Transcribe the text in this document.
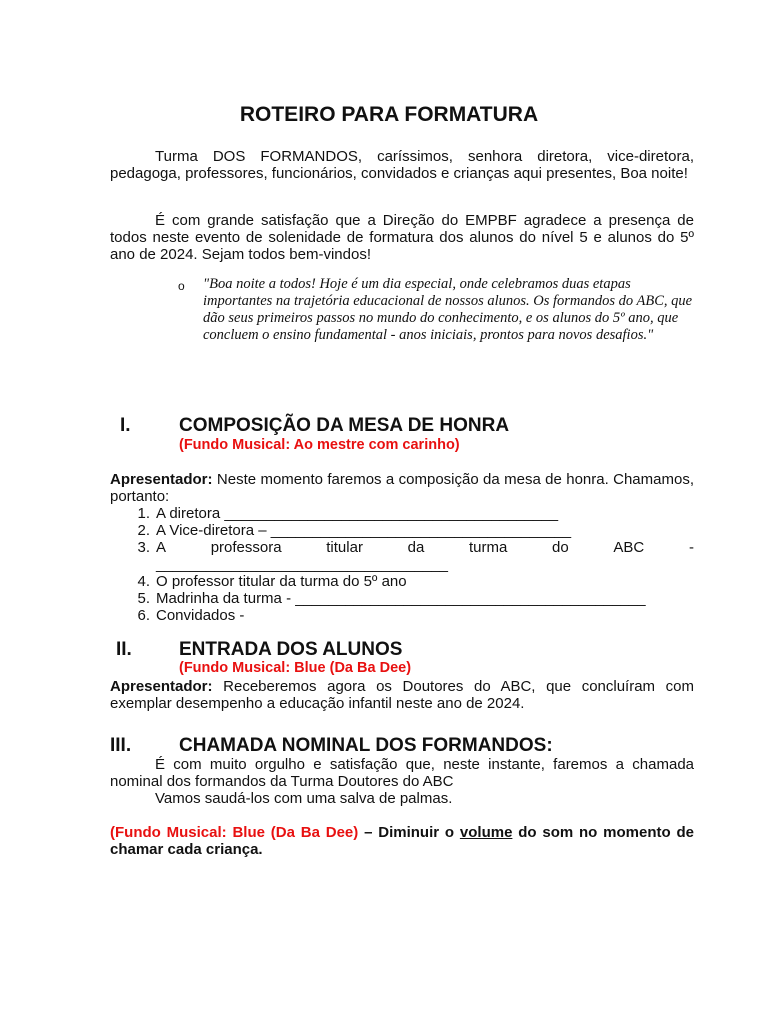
ROTEIRO PARA FORMATURA
Turma DOS FORMANDOS, caríssimos, senhora diretora, vice-diretora, pedagoga, professores, funcionários, convidados e crianças aqui presentes, Boa noite!
É com grande satisfação que a Direção do EMPBF agradece a presença de todos neste evento de solenidade de formatura dos alunos do nível 5 e alunos do 5º ano de 2024. Sejam todos bem-vindos!
o "Boa noite a todos! Hoje é um dia especial, onde celebramos duas etapas importantes na trajetória educacional de nossos alunos. Os formandos do ABC, que dão seus primeiros passos no mundo do conhecimento, e os alunos do 5º ano, que concluem o ensino fundamental - anos iniciais, prontos para novos desafios."
I.	COMPOSIÇÃO DA MESA DE HONRA
(Fundo Musical: Ao mestre com carinho)
Apresentador: Neste momento faremos a composição da mesa de honra. Chamamos, portanto:
1. A diretora ________________________________________
2. A Vice-diretora – ____________________________________
3. A	professora	titular	da	turma	do	ABC	-
___________________________________
4. O professor titular da turma do 5º ano
5. Madrinha da turma - __________________________________________
6. Convidados -
II. ENTRADA DOS ALUNOS
(Fundo Musical: Blue (Da Ba Dee)
Apresentador: Receberemos agora os Doutores do ABC, que concluíram com exemplar desempenho a educação infantil neste ano de 2024.
III.	CHAMADA NOMINAL DOS FORMANDOS:
É com muito orgulho e satisfação que, neste instante, faremos a chamada nominal dos formandos da Turma Doutores do ABC
Vamos saudá-los com uma salva de palmas.
(Fundo Musical: Blue (Da Ba Dee) – Diminuir o volume do som no momento de chamar cada criança.
